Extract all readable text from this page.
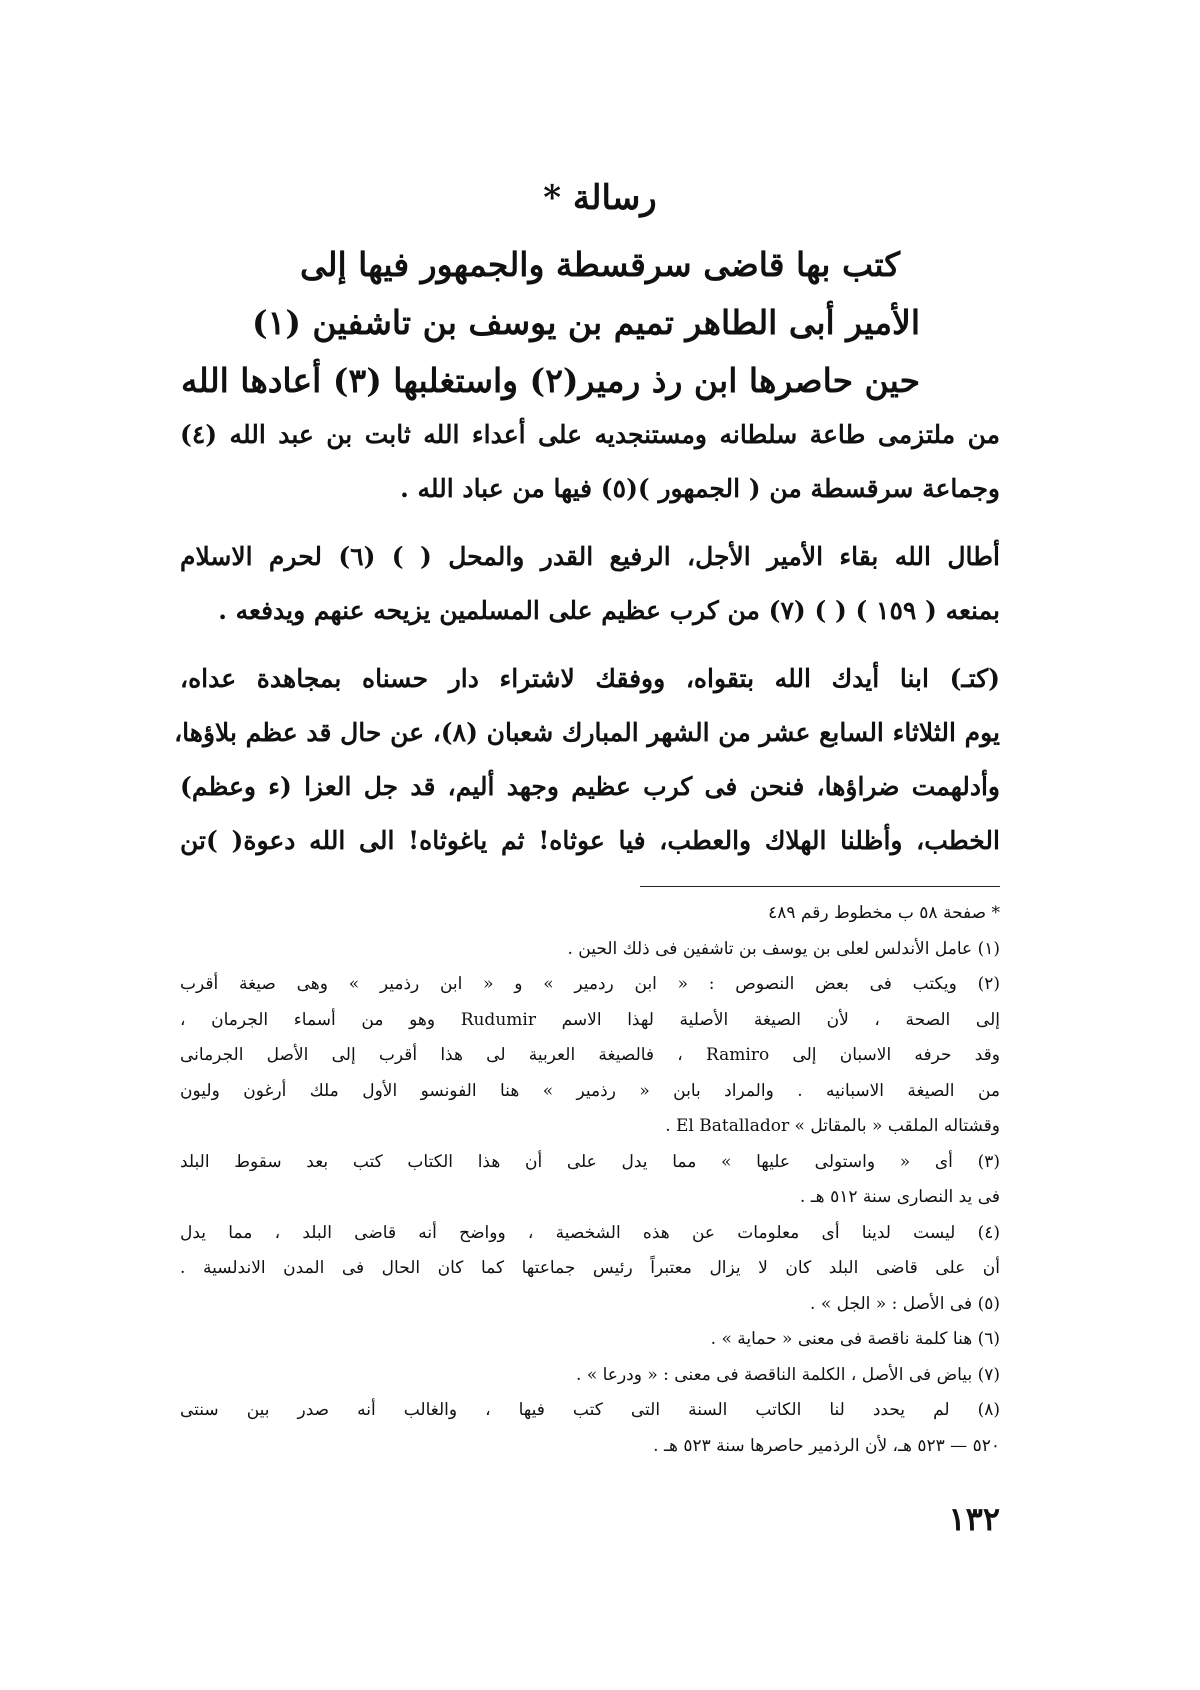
رسالة *
كتب بها قاضى سرقسطة والجمهور فيها إلى
الأمير أبى الطاهر تميم بن يوسف بن تاشفين (١)
حين حاصرها ابن رذ رمير(٢) واستغلبها (٣) أعادها الله
من ملتزمى طاعة سلطانه ومستنجديه على أعداء الله ثابت بن عبد الله (٤)
وجماعة سرقسطة من ( الجمهور )(٥) فيها من عباد الله .
أطال الله بقاء الأمير الأجل، الرفيع القدر والمحل ( ) (٦) لحرم الاسلام
بمنعه ( ١٥٩ ) ( ) (٧) من كرب عظيم على المسلمين يزيحه عنهم ويدفعه .
(كتـ) ابنا أيدك الله بتقواه، ووفقك لاشتراء دار حسناه بمجاهدة عداه،
يوم الثلاثاء السابع عشر من الشهر المبارك شعبان (٨)، عن حال قد عظم بلاؤها،
وأدلهمت ضراؤها، فنحن فى كرب عظيم وجهد أليم، قد جل العزا (ء وعظم)
الخطب، وأظلنا الهلاك والعطب، فيا عوثاه! ثم ياغوثاه! الى الله دعوة( )تن
* صفحة ٥٨ ب مخطوط رقم ٤٨٩
(١) عامل الأندلس لعلى بن يوسف بن تاشفين فى ذلك الحين .
(٢) ويكتب فى بعض النصوص : « ابن ردمير » و « ابن رذمير » وهى صيغة أقرب
إلى الصحة ، لأن الصيغة الأصلية لهذا الاسم Rudumir وهو من أسماء الجرمان ،
وقد حرفه الاسبان إلى Ramiro ، فالصيغة العربية لى هذا أقرب إلى الأصل الجرمانى
من الصيغة الاسبانيه . والمراد بابن « رذمير » هنا الفونسو الأول ملك أرغون وليون
وقشتاله الملقب « بالمقاتل » El Batallador .
(٣) أى « واستولى عليها » مما يدل على أن هذا الكتاب كتب بعد سقوط البلد
فى يد النصارى سنة ٥١٢ هـ .
(٤) ليست لدينا أى معلومات عن هذه الشخصية ، وواضح أنه قاضى البلد ، مما يدل
أن على قاضى البلد كان لا يزال معتبراً رئيس جماعتها كما كان الحال فى المدن الاندلسية .
(٥) فى الأصل : « الجل » .
(٦) هنا كلمة ناقصة فى معنى « حماية » .
(٧) بياض فى الأصل ، الكلمة الناقصة فى معنى : « ودرعا » .
(٨) لم يحدد لنا الكاتب السنة التى كتب فيها ، والغالب أنه صدر بين سنتى
٥٢٠ — ٥٢٣ هـ، لأن الرذمير حاصرها سنة ٥٢٣ هـ .
١٣٢
